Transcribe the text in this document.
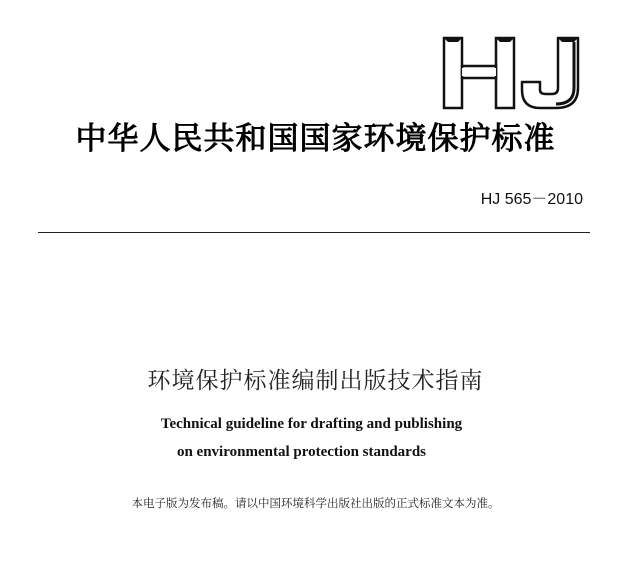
中华人民共和国国家环境保护标准
HJ 565－2010
环境保护标准编制出版技术指南
Technical guideline for drafting and publishing
on environmental protection standards
本电子版为发布稿。请以中国环境科学出版社出版的正式标准文本为准。
